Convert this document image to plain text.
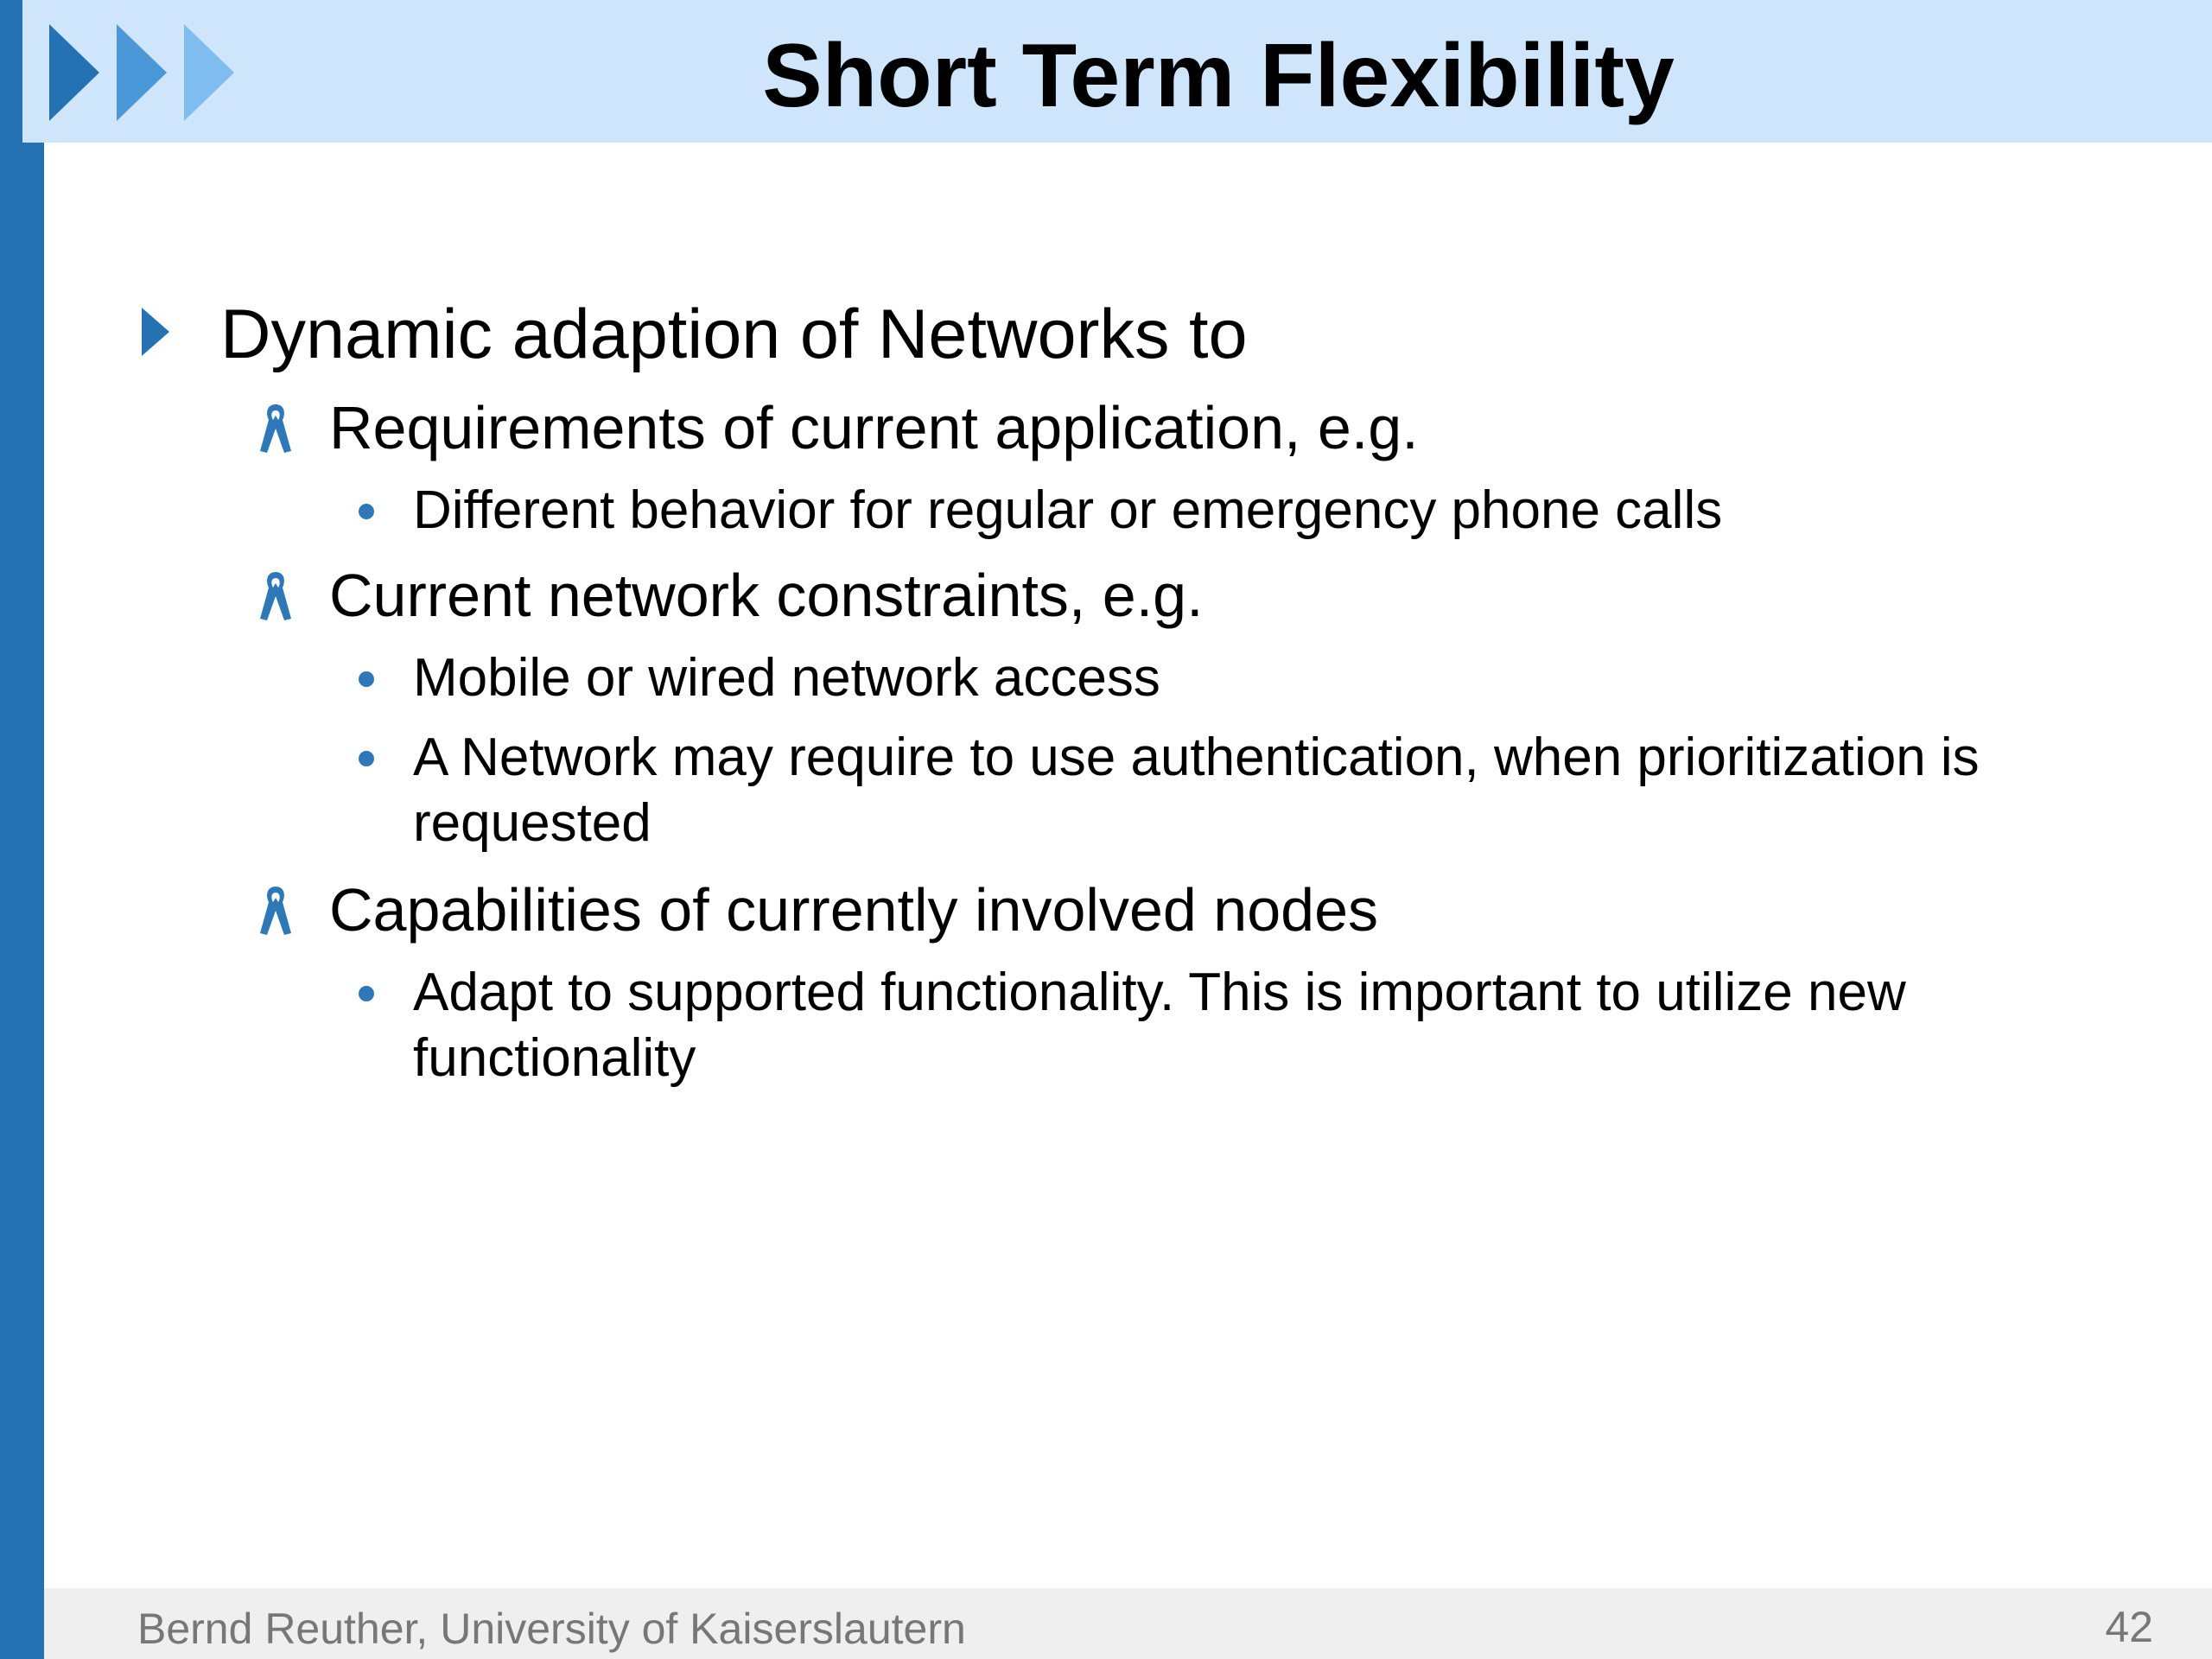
Short Term Flexibility
Dynamic adaption of Networks to
Requirements of current application, e.g.
Different behavior for regular or emergency phone calls
Current network constraints, e.g.
Mobile or wired network access
A Network may require to use authentication, when prioritization is
requested
Capabilities of currently involved nodes
Adapt to supported functionality. This is important to utilize new
functionality
Bernd Reuther, University of Kaiserslautern	42
